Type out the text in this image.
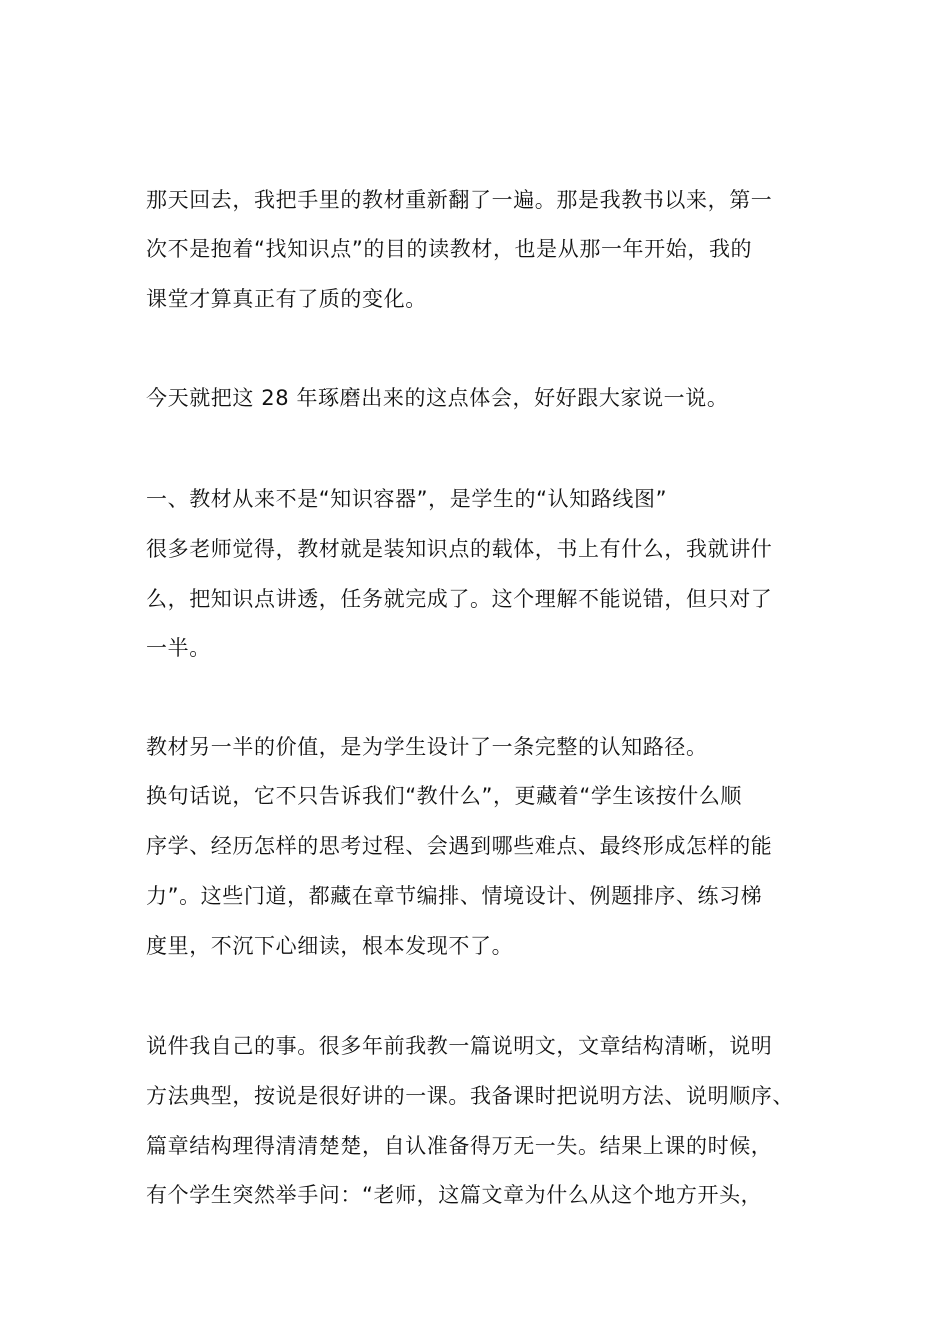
那天回去，我把手里的教材重新翻了一遍。那是我教书以来，第一
次不是抱着“找知识点”的目的读教材，也是从那一年开始，我的
课堂才算真正有了质的变化。
今天就把这 28 年琢磨出来的这点体会，好好跟大家说一说。
一、教材从来不是“知识容器”，是学生的“认知路线图”
很多老师觉得，教材就是装知识点的载体，书上有什么，我就讲什
么，把知识点讲透，任务就完成了。这个理解不能说错，但只对了
一半。
教材另一半的价值，是为学生设计了一条完整的认知路径。
换句话说，它不只告诉我们“教什么”，更藏着“学生该按什么顺
序学、经历怎样的思考过程、会遇到哪些难点、最终形成怎样的能
力”。这些门道，都藏在章节编排、情境设计、例题排序、练习梯
度里，不沉下心细读，根本发现不了。
说件我自己的事。很多年前我教一篇说明文，文章结构清晰，说明
方法典型，按说是很好讲的一课。我备课时把说明方法、说明顺序、
篇章结构理得清清楚楚，自认准备得万无一失。结果上课的时候，
有个学生突然举手问：“老师，这篇文章为什么从这个地方开头，
